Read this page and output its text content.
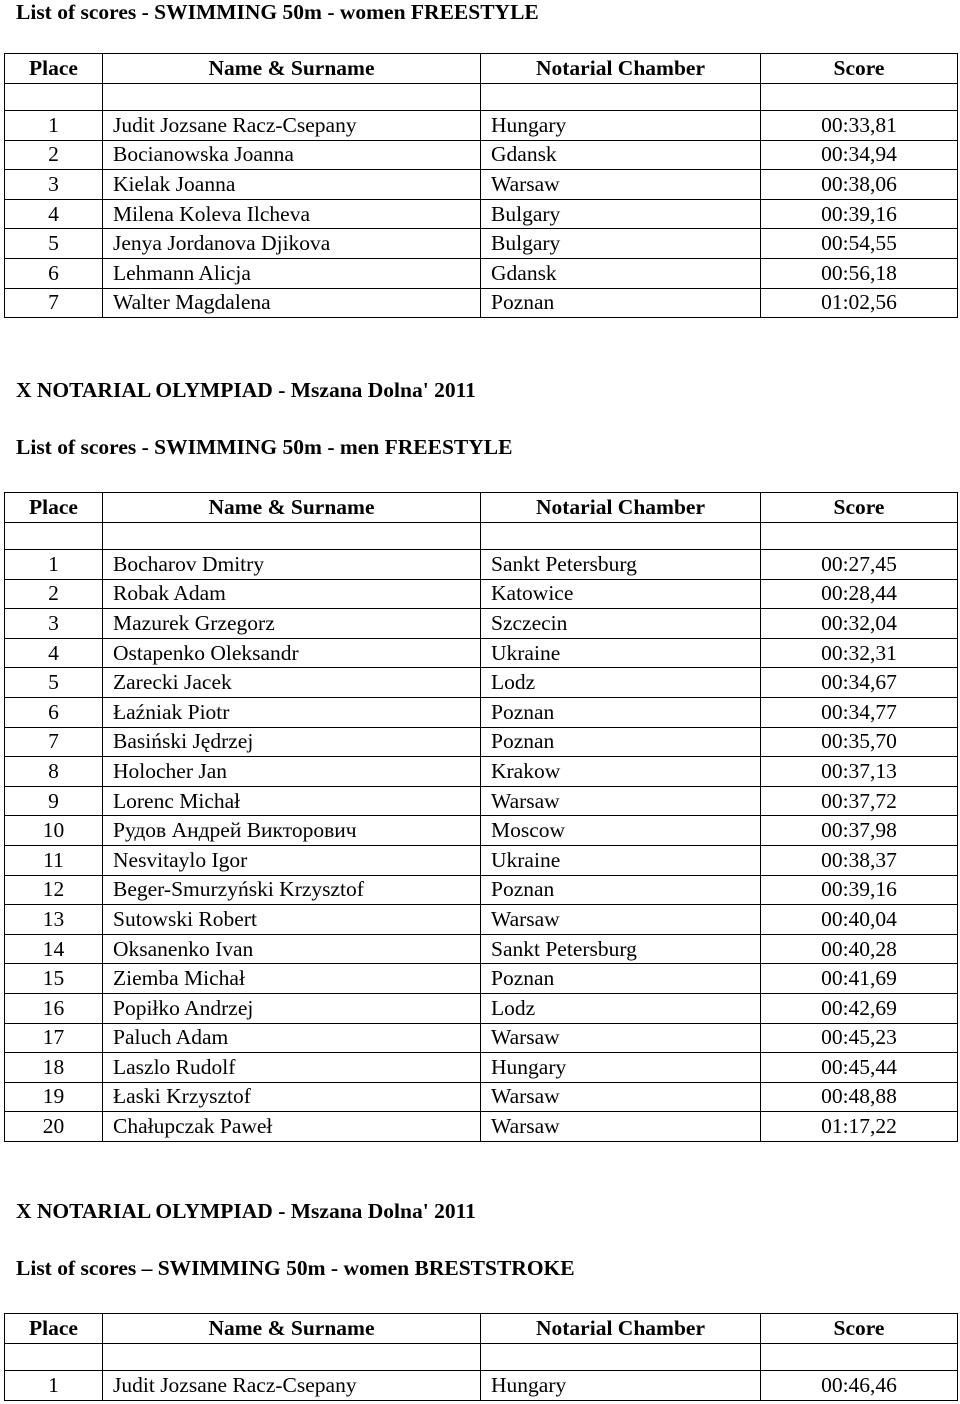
List of scores - SWIMMING 50m - women FREESTYLE
Place	Name & Surname	Notarial Chamber	Score

1	Judit Jozsane Racz-Csepany	Hungary	00:33,81
2	Bocianowska Joanna	Gdansk	00:34,94
3	Kielak Joanna	Warsaw	00:38,06
4	Milena Koleva Ilcheva	Bulgary	00:39,16
5	Jenya Jordanova Djikova	Bulgary	00:54,55
6	Lehmann Alicja	Gdansk	00:56,18
7	Walter Magdalena	Poznan	01:02,56
X NOTARIAL OLYMPIAD - Mszana Dolna' 2011
List of scores - SWIMMING 50m - men FREESTYLE
Place	Name & Surname	Notarial Chamber	Score

1	Bocharov Dmitry	Sankt Petersburg	00:27,45
2	Robak Adam	Katowice	00:28,44
3	Mazurek Grzegorz	Szczecin	00:32,04
4	Ostapenko Oleksandr	Ukraine	00:32,31
5	Zarecki Jacek	Lodz	00:34,67
6	Łaźniak Piotr	Poznan	00:34,77
7	Basiński Jędrzej	Poznan	00:35,70
8	Holocher Jan	Krakow	00:37,13
9	Lorenc Michał	Warsaw	00:37,72
10	Рудов Андрей Викторович	Moscow	00:37,98
11	Nesvitaylo Igor	Ukraine	00:38,37
12	Beger-Smurzyński Krzysztof	Poznan	00:39,16
13	Sutowski Robert	Warsaw	00:40,04
14	Oksanenko Ivan	Sankt Petersburg	00:40,28
15	Ziemba Michał	Poznan	00:41,69
16	Popiłko Andrzej	Lodz	00:42,69
17	Paluch Adam	Warsaw	00:45,23
18	Laszlo Rudolf	Hungary	00:45,44
19	Łaski Krzysztof	Warsaw	00:48,88
20	Chałupczak Paweł	Warsaw	01:17,22
X NOTARIAL OLYMPIAD - Mszana Dolna' 2011
List of scores – SWIMMING 50m - women BRESTSTROKE
Place	Name & Surname	Notarial Chamber	Score

1	Judit Jozsane Racz-Csepany	Hungary	00:46,46
